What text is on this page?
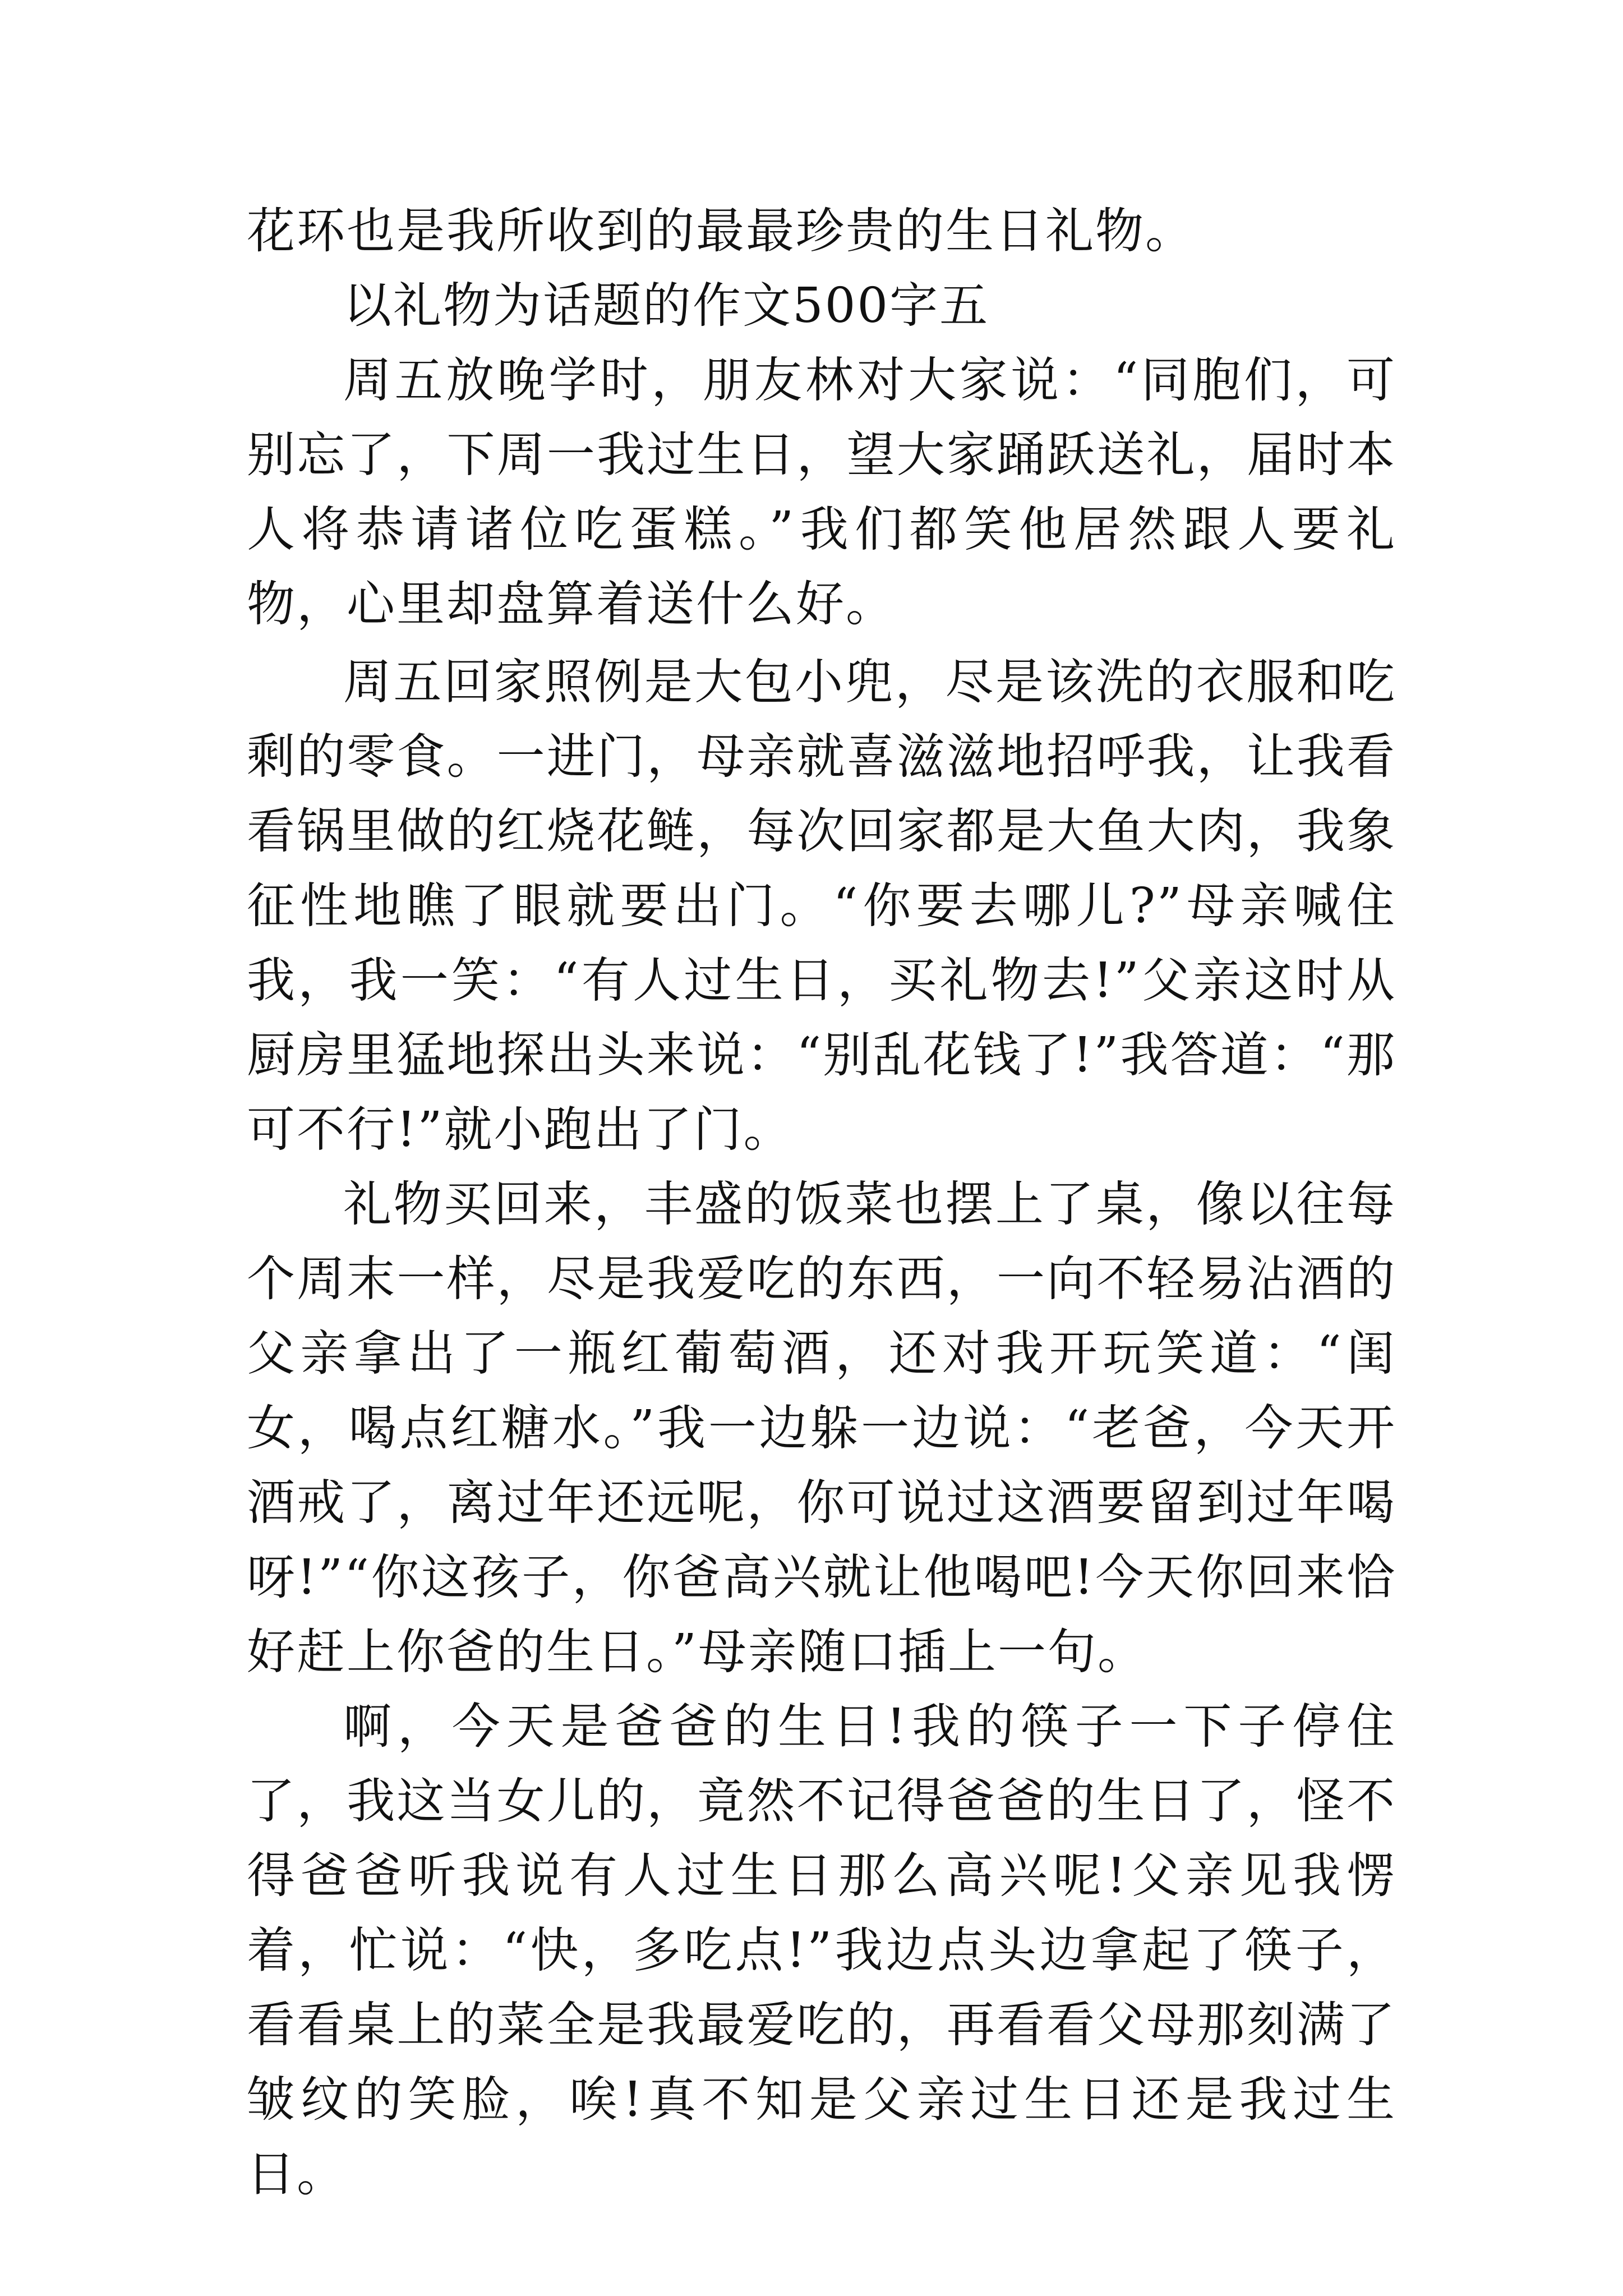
花环也是我所收到的最最珍贵的生日礼物。

以礼物为话题的作文500字五

周五放晚学时，朋友林对大家说：“同胞们，可别忘了，下周一我过生日，望大家踊跃送礼，届时本人将恭请诸位吃蛋糕。”我们都笑他居然跟人要礼物，心里却盘算着送什么好。

周五回家照例是大包小兜，尽是该洗的衣服和吃剩的零食。一进门，母亲就喜滋滋地招呼我，让我看看锅里做的红烧花鲢，每次回家都是大鱼大肉，我象征性地瞧了眼就要出门。“你要去哪儿?”母亲喊住我，我一笑：“有人过生日，买礼物去!”父亲这时从厨房里猛地探出头来说：“别乱花钱了!”我答道：“那可不行!”就小跑出了门。

礼物买回来，丰盛的饭菜也摆上了桌，像以往每个周末一样，尽是我爱吃的东西，一向不轻易沾酒的父亲拿出了一瓶红葡萄酒，还对我开玩笑道：“闺女，喝点红糖水。”我一边躲一边说：“老爸，今天开酒戒了，离过年还远呢，你可说过这酒要留到过年喝呀!”“你这孩子，你爸高兴就让他喝吧!今天你回来恰好赶上你爸的生日。”母亲随口插上一句。

啊，今天是爸爸的生日!我的筷子一下子停住了，我这当女儿的，竟然不记得爸爸的生日了，怪不得爸爸听我说有人过生日那么高兴呢!父亲见我愣着，忙说：“快，多吃点!”我边点头边拿起了筷子，看看桌上的菜全是我最爱吃的，再看看父母那刻满了皱纹的笑脸，唉!真不知是父亲过生日还是我过生日。
